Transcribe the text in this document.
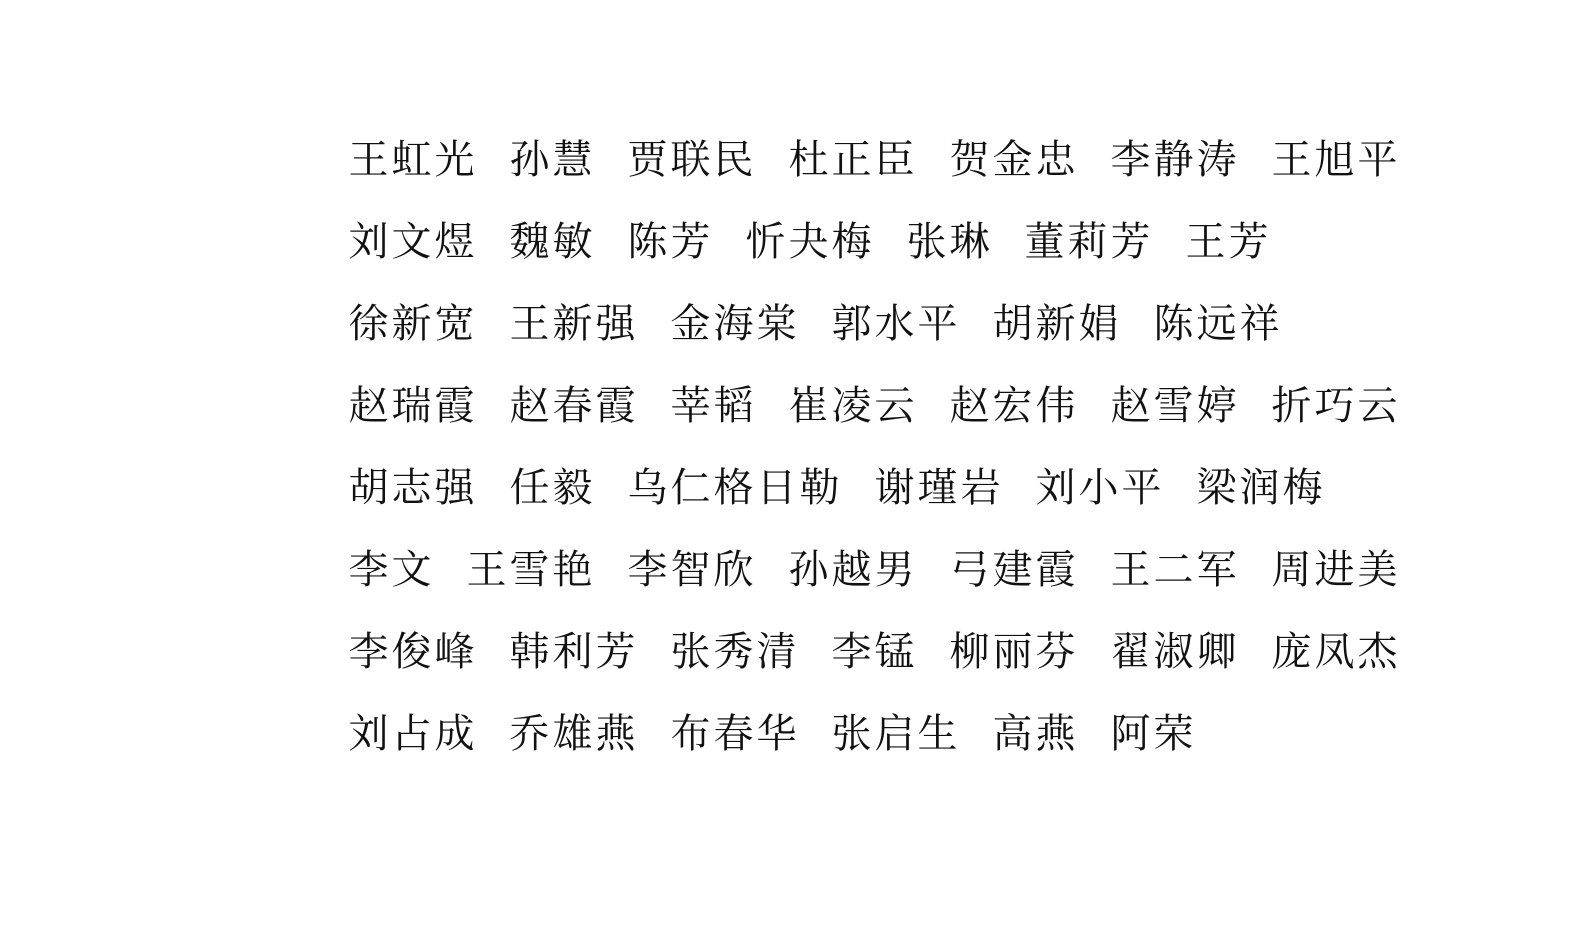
王虹光 孙慧 贾联民 杜正臣 贺金忠 李静涛 王旭平
刘文煜 魏敏 陈芳 忻夬梅 张琳 董莉芳 王芳
徐新宽 王新强 金海棠 郭水平 胡新娟 陈远祥
赵瑞霞 赵春霞 莘韬 崔凌云 赵宏伟 赵雪婷 折巧云
胡志强 任毅 乌仁格日勒 谢瑾岩 刘小平 梁润梅
李文 王雪艳 李智欣 孙越男 弓建霞 王二军 周进美
李俊峰 韩利芳 张秀清 李锰 柳丽芬 翟淑卿 庞凤杰
刘占成 乔雄燕 布春华 张启生 高燕 阿荣
